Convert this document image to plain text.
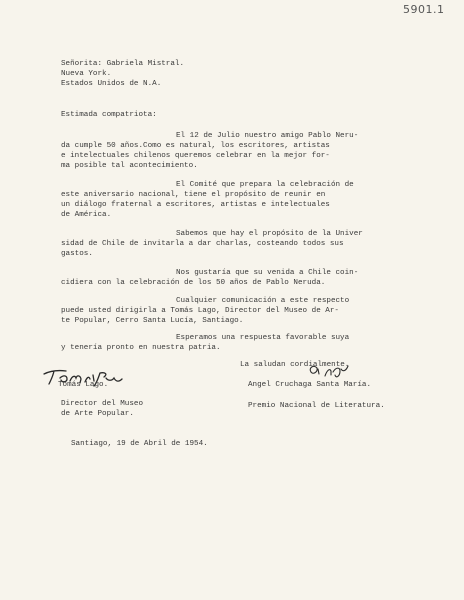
5901.1
Señorita: Gabriela Mistral.
Nueva York.
Estados Unidos de N.A.
Estimada compatriota:
El 12 de Julio nuestro amigo Pablo Neru-
da cumple 50 años.Como es natural, los escritores, artistas
e intelectuales chilenos queremos celebrar en la mejor for-
ma posible tal acontecimiento.
El Comité que prepara la celebración de
este aniversario nacional, tiene el propósito de reunir en
un diálogo fraternal a escritores, artistas e intelectuales
de América.
Sabemos que hay el propósito de la Univer
sidad de Chile de invitarla a dar charlas, costeando todos sus
gastos.
Nos gustaría que su venida a Chile coin-
cidiera con la celebración de los 50 años de Pablo Neruda.
Cualquier comunicación a este respecto
puede usted dirigirla a Tomás Lago, Director del Museo de Ar-
te Popular, Cerro Santa Lucía, Santiago.
Esperamos una respuesta favorable suya
y tenería pronto en nuestra patria.
La saludan cordialmente.
Tomás Lago.	Angel Cruchaga Santa María.
Director del Museo
de Arte Popular.
Premio Nacional de Literatura.
Santiago, 19 de Abril de 1954.
